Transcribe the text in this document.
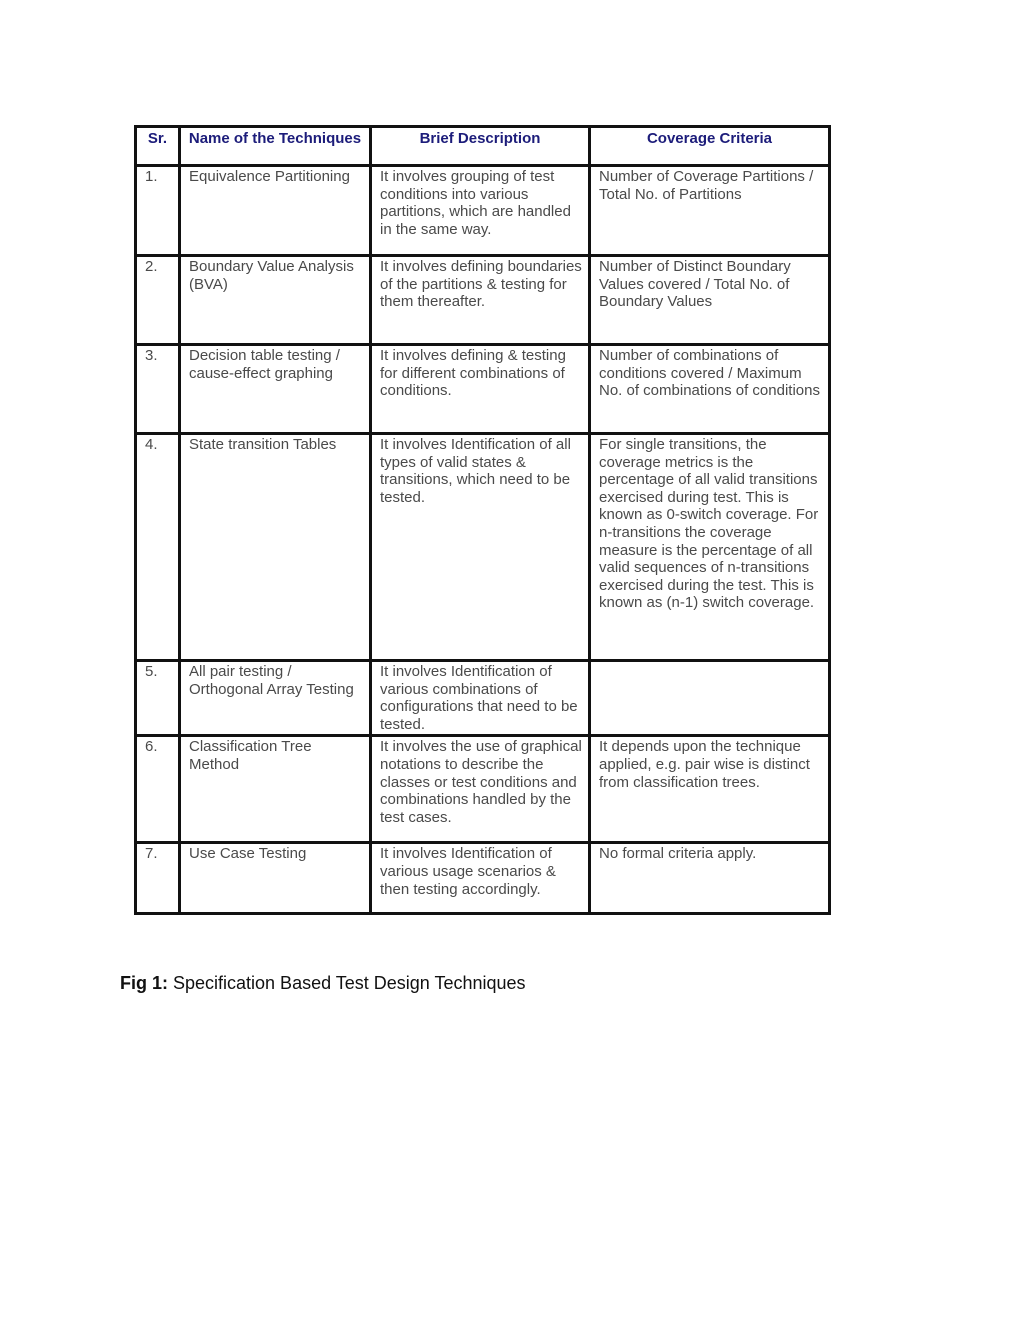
Sr.	Name of the Techniques	Brief Description	Coverage Criteria
1.	Equivalence Partitioning	It involves grouping of test conditions into various partitions, which are handled in the same way.	Number of Coverage Partitions / Total No. of Partitions
2.	Boundary Value Analysis (BVA)	It involves defining boundaries of the partitions & testing for them thereafter.	Number of Distinct Boundary Values covered / Total No. of Boundary Values
3.	Decision table testing / cause-effect graphing	It involves defining & testing for different combinations of conditions.	Number of combinations of conditions covered / Maximum No. of combinations of conditions
4.	State transition Tables	It involves Identification of all types of valid states & transitions, which need to be tested.	For single transitions, the coverage metrics is the percentage of all valid transitions exercised during test. This is known as 0-switch coverage. For n-transitions the coverage measure is the percentage of all valid sequences of n-transitions exercised during the test. This is known as (n-1) switch coverage.
5.	All pair testing / Orthogonal Array Testing	It involves Identification of various combinations of configurations that need to be tested.	
6.	Classification Tree Method	It involves the use of graphical notations to describe the classes or test conditions and combinations handled by the test cases.	It depends upon the technique applied, e.g. pair wise is distinct from classification trees.
7.	Use Case Testing	It involves Identification of various usage scenarios & then testing accordingly.	No formal criteria apply.
Fig 1: Specification Based Test Design Techniques
